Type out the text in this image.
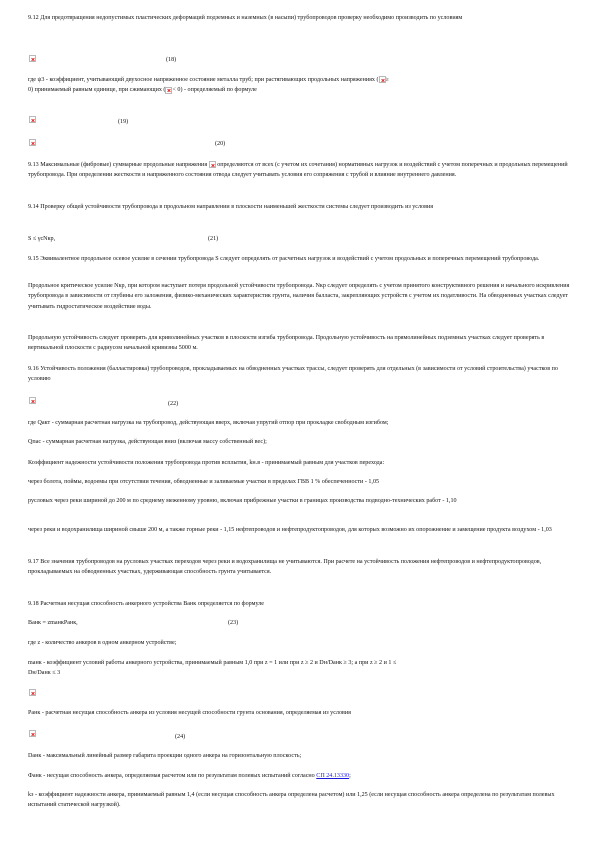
9.12 Для предотвращения недопустимых пластических деформаций подземных и наземных (в насыпи) трубопроводов проверку необходимо производить по условиям
(18)
где ψ3 - коэффициент, учитывающий двухосное напряженное состояние металла труб; при растягивающих продольных напряжениях ( ≥
0) принимаемый равным единице, при сжимающих ( < 0) - определяемый по формуле
(19)
(20)
9.13 Максимальные (фибровые) суммарные продольные напряжения определяются от всех (с учетом их сочетания) нормативных нагрузок и воздействий с учетом поперечных и продольных перемещений трубопровода. При определении жесткости и напряженного состояния отвода следует учитывать условия его сопряжения с трубой и влияние внутреннего давления.
9.14 Проверку общей устойчивости трубопровода в продольном направлении в плоскости наименьшей жесткости системы следует производить из условия
S ≤ γcNкр,	(21)
9.15 Эквивалентное продольное осевое усилие в сечении трубопровода S следует определять от расчетных нагрузок и воздействий с учетом продольных и поперечных перемещений трубопровода.
Продольное критическое усилие Nкр, при котором наступает потеря продольной устойчивости трубопровода. Nкр следует определять с учетом принятого конструктивного решения и начального искривления трубопровода в зависимости от глубины его заложения, физико-механических характеристик грунта, наличия балласта, закрепляющих устройств с учетом их податливости. На обводненных участках следует учитывать гидростатическое воздействие воды.
Продольную устойчивость следует проверять для криволинейных участков в плоскости изгиба трубопровода. Продольную устойчивость на прямолинейных подземных участках следует проверять в вертикальной плоскости с радиусом начальной кривизны 5000 м.
9.16 Устойчивость положения (балластировка) трубопроводов, прокладываемых на обводненных участках трассы, следует проверять для отдельных (в зависимости от условий строительства) участков по условию
(22)
где Qакт - суммарная расчетная нагрузка на трубопровод, действующая вверх, включая упругий отпор при прокладке свободным изгибом;
Qпас - суммарная расчетная нагрузка, действующая вниз (включая массу собственный вес);
Коэффициент надежности устойчивости положения трубопровода против всплытия, kн.в - принимаемый равным для участков перехода:
через болота, поймы, водоемы при отсутствии течения, обводненные и заливаемые участки в пределах ГВВ 1 % обеспеченности - 1,05
русловых через реки шириной до 200 м по среднему меженному уровню, включая прибрежные участки в границах производства подводно-технических работ - 1,10
через реки и водохранилища шириной свыше 200 м, а также горные реки - 1,15 нефтепроводов и нефтепродуктопроводов, для которых возможно их опорожнение и замещение продукта воздухом - 1,03
9.17 Все значения трубопроводов на русловых участках переходов через реки и водохранилища не учитываются. При расчете на устойчивость положения нефтепроводов и нефтепродуктопроводов, прокладываемых на обводненных участках, удерживающая способность грунта учитывается.
9.18 Расчетная несущая способность анкерного устройства Ванк определяется по формуле
Ванк = zmанкРанк,	(23)
где z - количество анкеров в одном анкерном устройстве;
mанк - коэффициент условий работы анкерного устройства, принимаемый равным 1,0 при z = 1 или при z ≥ 2 и Dн/Dанк ≥ 3; а при z ≥ 2 и 1 ≤
Dн/Dанк ≤ 3
Ранк - расчетная несущая способность анкера из условия несущей способности грунта основания, определяемая из условия
(24)
Dанк - максимальный линейный размер габарита проекции одного анкера на горизонтальную плоскость;
Фанк - несущая способность анкера, определяемая расчетом или по результатам полевых испытаний согласно СП 24.13330;
kз - коэффициент надежности анкера, принимаемый равным 1,4 (если несущая способность анкера определена расчетом) или 1,25 (если несущая способность анкера определена по результатам полевых испытаний статической нагрузкой).
